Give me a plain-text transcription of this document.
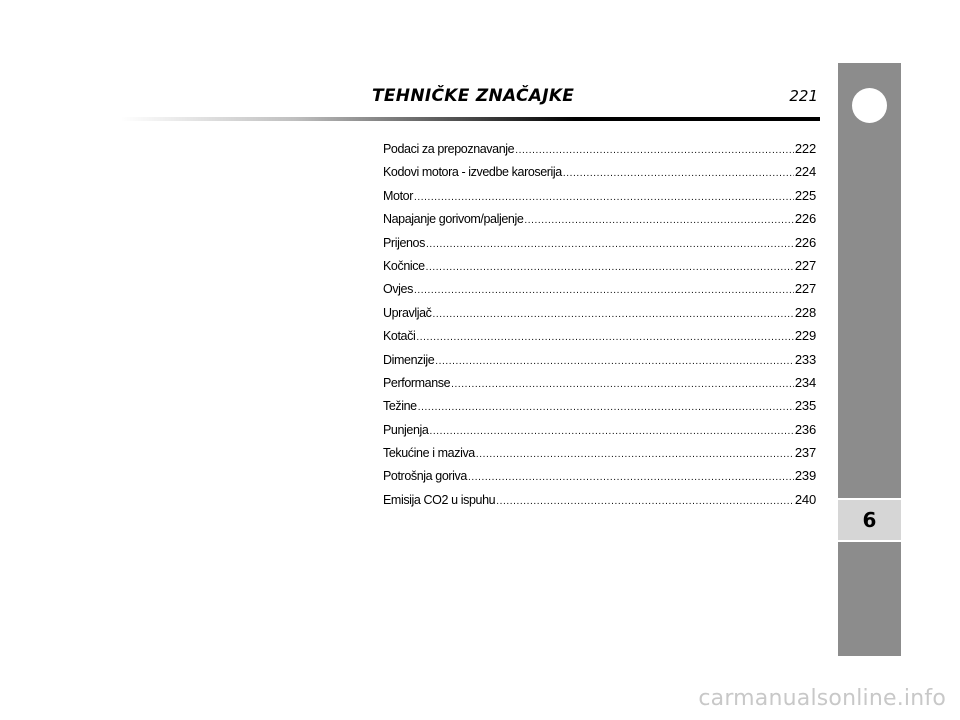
TEHNIČKE ZNAČAJKE	221
Podaci za prepoznavanje .....	222
Kodovi motora - izvedbe karoserija .....	224
Motor .....	225
Napajanje gorivom/paljenje .....	226
Prijenos .....	226
Kočnice .....	227
Ovjes .....	227
Upravljač .....	228
Kotači .....	229
Dimenzije .....	233
Performanse .....	234
Težine .....	235
Punjenja .....	236
Tekućine i maziva .....	237
Potrošnja goriva .....	239
Emisija CO2 u ispuhu .....	240
6
carmanualsonline.info
